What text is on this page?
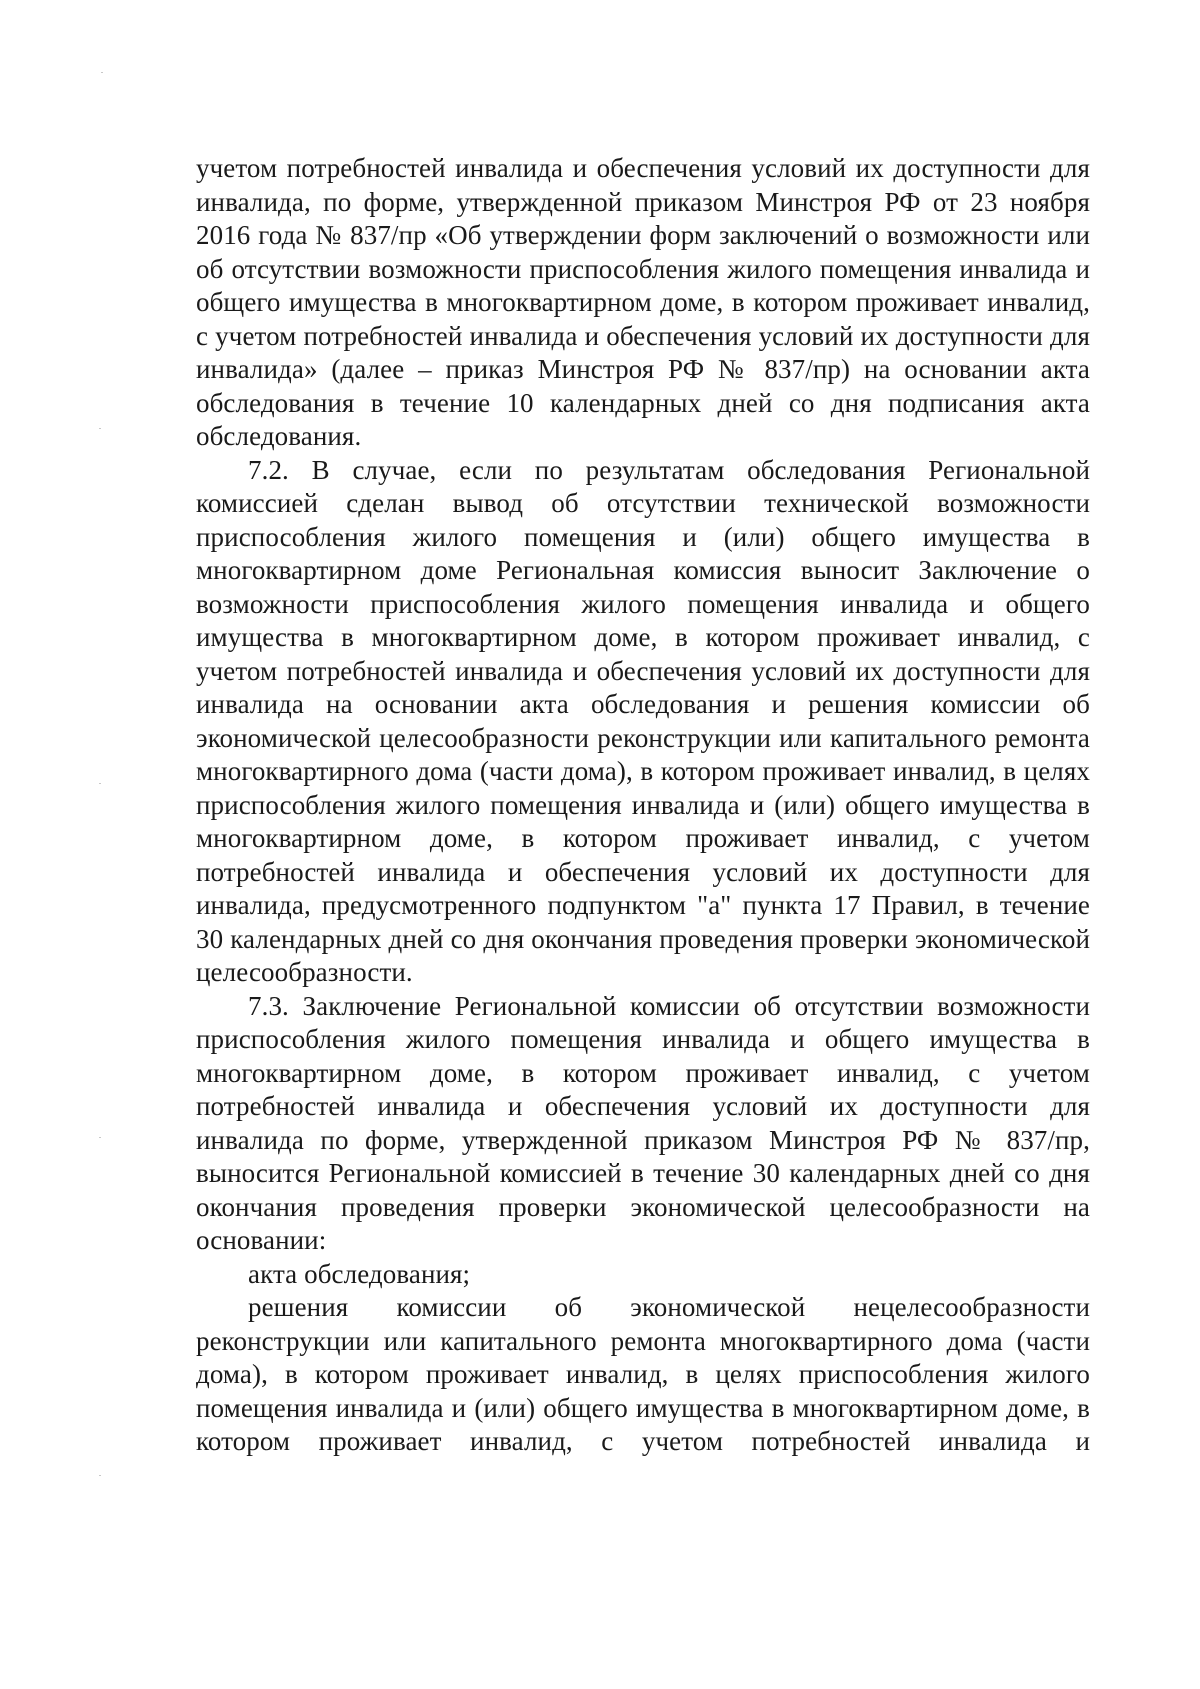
учетом потребностей инвалида и обеспечения условий их доступности для инвалида, по форме, утвержденной приказом Минстроя РФ от 23 ноября 2016 года № 837/пр «Об утверждении форм заключений о возможности или об отсутствии возможности приспособления жилого помещения инвалида и общего имущества в многоквартирном доме, в котором проживает инвалид, с учетом потребностей инвалида и обеспечения условий их доступности для инвалида» (далее – приказ Минстроя РФ № 837/пр) на основании акта обследования в течение 10 календарных дней со дня подписания акта обследования.

7.2. В случае, если по результатам обследования Региональной комиссией сделан вывод об отсутствии технической возможности приспособления жилого помещения и (или) общего имущества в многоквартирном доме Региональная комиссия выносит Заключение о возможности приспособления жилого помещения инвалида и общего имущества в многоквартирном доме, в котором проживает инвалид, с учетом потребностей инвалида и обеспечения условий их доступности для инвалида на основании акта обследования и решения комиссии об экономической целесообразности реконструкции или капитального ремонта многоквартирного дома (части дома), в котором проживает инвалид, в целях приспособления жилого помещения инвалида и (или) общего имущества в многоквартирном доме, в котором проживает инвалид, с учетом потребностей инвалида и обеспечения условий их доступности для инвалида, предусмотренного подпунктом "а" пункта 17 Правил, в течение 30 календарных дней со дня окончания проведения проверки экономической целесообразности.

7.3. Заключение Региональной комиссии об отсутствии возможности приспособления жилого помещения инвалида и общего имущества в многоквартирном доме, в котором проживает инвалид, с учетом потребностей инвалида и обеспечения условий их доступности для инвалида по форме, утвержденной приказом Минстроя РФ № 837/пр, выносится Региональной комиссией в течение 30 календарных дней со дня окончания проведения проверки экономической целесообразности на основании:

акта обследования;

решения комиссии об экономической нецелесообразности реконструкции или капитального ремонта многоквартирного дома (части дома), в котором проживает инвалид, в целях приспособления жилого помещения инвалида и (или) общего имущества в многоквартирном доме, в котором проживает инвалид, с учетом потребностей инвалида и
